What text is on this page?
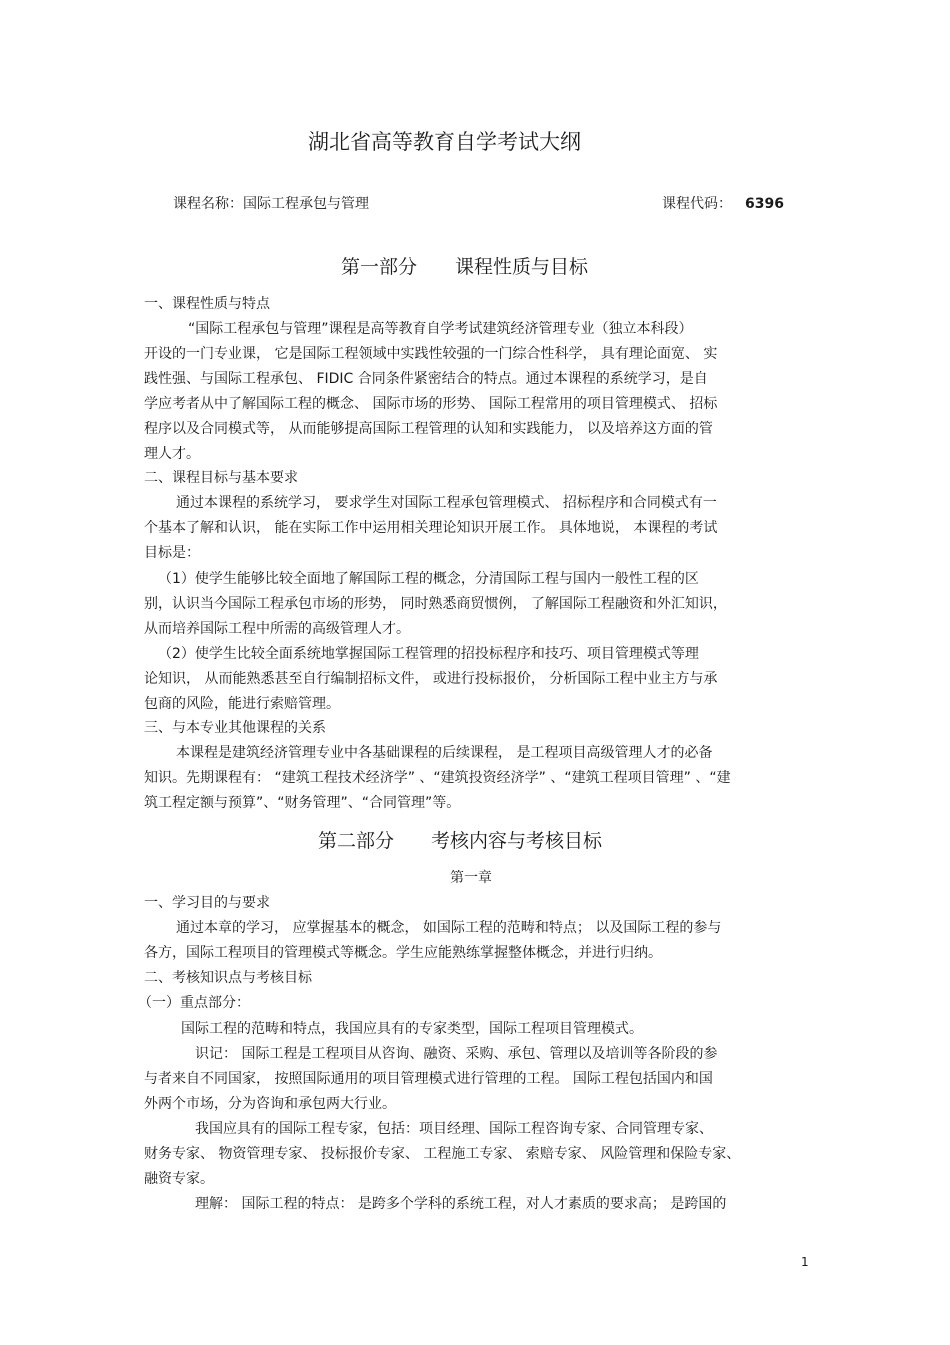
湖北省高等教育自学考试大纲
课程名称：国际工程承包与管理	课程代码： 6396
第一部分 课程性质与目标
一、课程性质与特点
“国际工程承包与管理”课程是高等教育自学考试建筑经济管理专业（独立本科段）
开设的一门专业课， 它是国际工程领域中实践性较强的一门综合性科学， 具有理论面宽、 实
践性强、与国际工程承包、 FIDIC 合同条件紧密结合的特点。通过本课程的系统学习，是自
学应考者从中了解国际工程的概念、 国际市场的形势、 国际工程常用的项目管理模式、 招标
程序以及合同模式等， 从而能够提高国际工程管理的认知和实践能力， 以及培养这方面的管
理人才。
二、课程目标与基本要求
通过本课程的系统学习， 要求学生对国际工程承包管理模式、 招标程序和合同模式有一
个基本了解和认识， 能在实际工作中运用相关理论知识开展工作。 具体地说， 本课程的考试
目标是：
（1）使学生能够比较全面地了解国际工程的概念，分清国际工程与国内一般性工程的区
别，认识当今国际工程承包市场的形势， 同时熟悉商贸惯例， 了解国际工程融资和外汇知识，
从而培养国际工程中所需的高级管理人才。
（2）使学生比较全面系统地掌握国际工程管理的招投标程序和技巧、项目管理模式等理
论知识， 从而能熟悉甚至自行编制招标文件， 或进行投标报价， 分析国际工程中业主方与承
包商的风险，能进行索赔管理。
三、与本专业其他课程的关系
本课程是建筑经济管理专业中各基础课程的后续课程， 是工程项目高级管理人才的必备
知识。先期课程有： “建筑工程技术经济学” 、“建筑投资经济学” 、“建筑工程项目管理” 、“建
筑工程定额与预算”、“财务管理”、“合同管理”等。
第二部分 考核内容与考核目标
第一章
一、学习目的与要求
通过本章的学习， 应掌握基本的概念， 如国际工程的范畴和特点； 以及国际工程的参与
各方，国际工程项目的管理模式等概念。学生应能熟练掌握整体概念，并进行归纳。
二、考核知识点与考核目标
（一）重点部分：
国际工程的范畴和特点，我国应具有的专家类型，国际工程项目管理模式。
识记： 国际工程是工程项目从咨询、融资、采购、承包、管理以及培训等各阶段的参
与者来自不同国家， 按照国际通用的项目管理模式进行管理的工程。 国际工程包括国内和国
外两个市场，分为咨询和承包两大行业。
我国应具有的国际工程专家，包括：项目经理、国际工程咨询专家、合同管理专家、
财务专家、 物资管理专家、 投标报价专家、 工程施工专家、 索赔专家、 风险管理和保险专家、
融资专家。
理解： 国际工程的特点： 是跨多个学科的系统工程，对人才素质的要求高； 是跨国的
1
